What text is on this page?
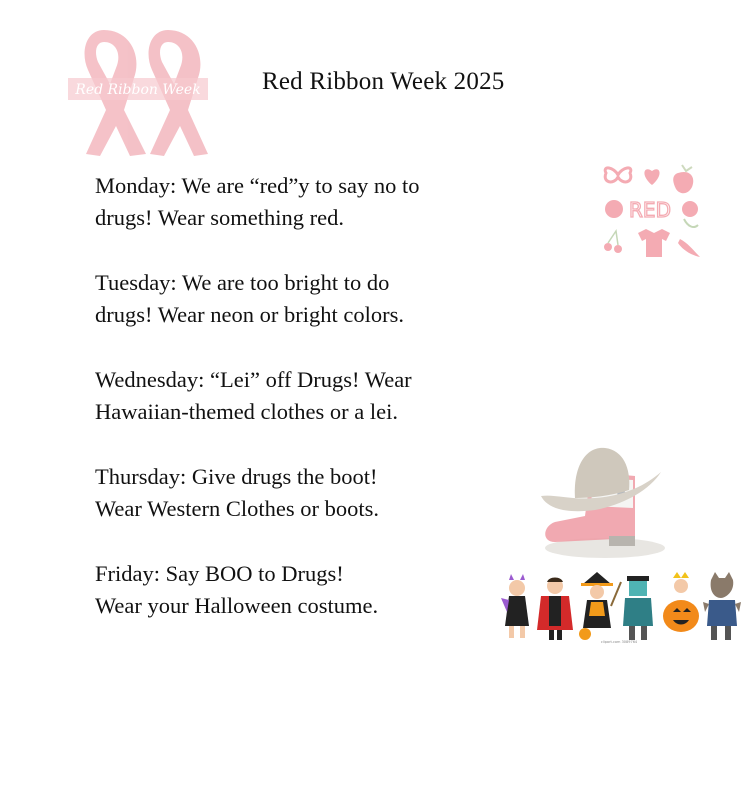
Red Ribbon Week Red Ribbon Week 2025

Monday: We are “red”y to say no to
drugs! Wear something red.

Tuesday: We are too bright to do
drugs! Wear neon or bright colors.

Wednesday: “Lei” off Drugs! Wear
Hawaiian-themed clothes or a lei.

Thursday: Give drugs the boot!
Wear Western Clothes or boots.

Friday: Say BOO to Drugs!
Wear your Halloween costume.

RED
clipart.com 3089764
